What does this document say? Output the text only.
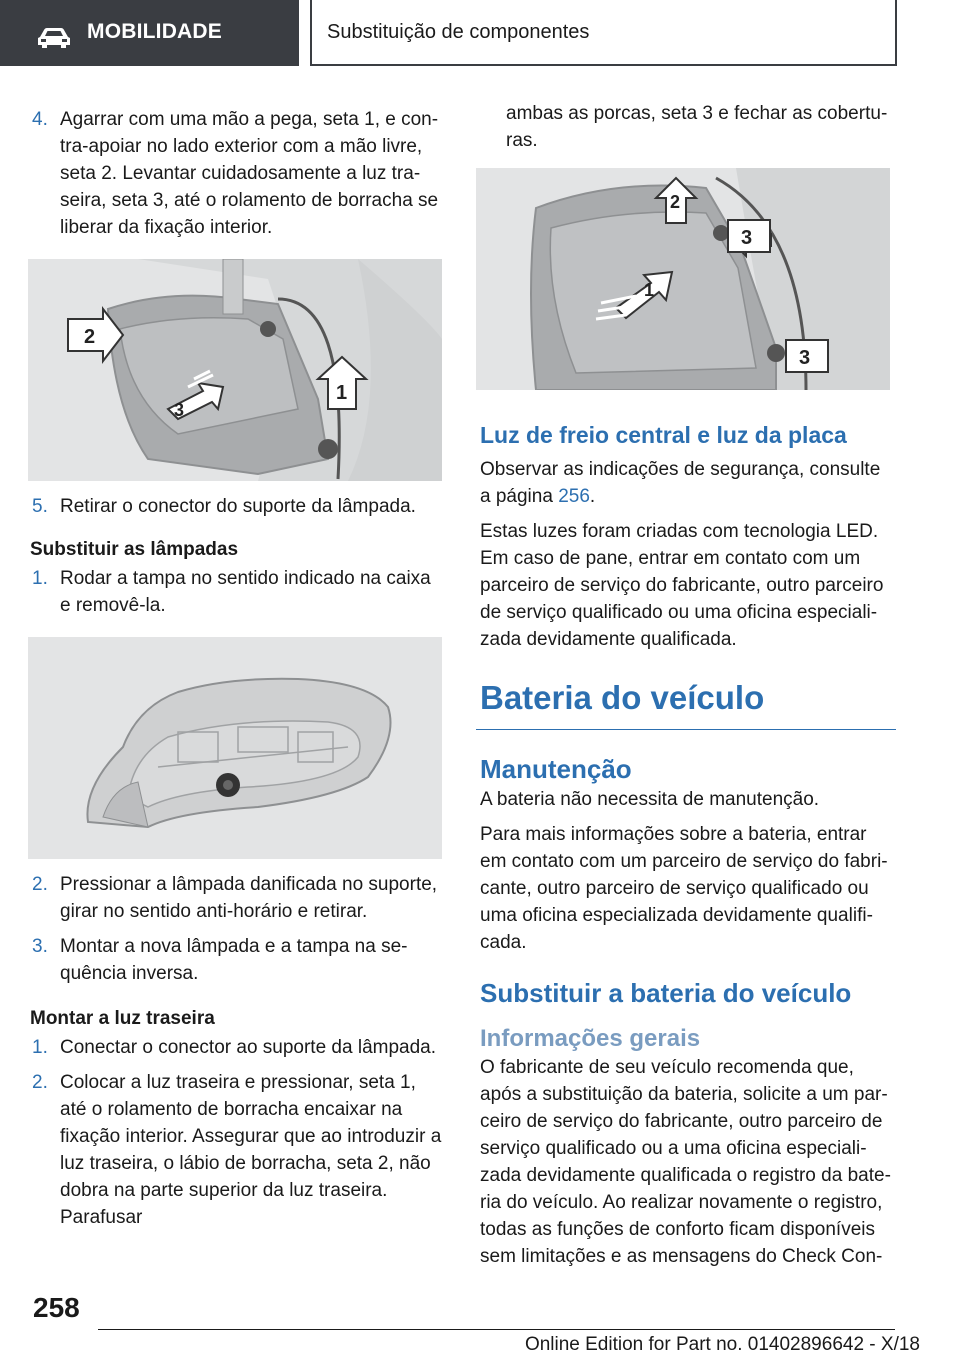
MOBILIDADE	Substituição de componentes
4. Agarrar com uma mão a pega, seta 1, e contra-apoiar no lado exterior com a mão livre, seta 2. Levantar cuidadosamente a luz traseira, seta 3, até o rolamento de borracha se liberar da fixação interior.
2
1
3
5. Retirar o conector do suporte da lâmpada.
Substituir as lâmpadas
1. Rodar a tampa no sentido indicado na caixa e removê-la.
2. Pressionar a lâmpada danificada no suporte, girar no sentido anti-horário e retirar.
3. Montar a nova lâmpada e a tampa na sequência inversa.
Montar a luz traseira
1. Conectar o conector ao suporte da lâmpada.
2. Colocar a luz traseira e pressionar, seta 1, até o rolamento de borracha encaixar na fixação interior. Assegurar que ao introduzir a luz traseira, o lábio de borracha, seta 2, não dobra na parte superior da luz traseira. Parafusar
ambas as porcas, seta 3 e fechar as coberturas.
2
3
3
1
Luz de freio central e luz da placa

Observar as indicações de segurança, consulte a página 256.

Estas luzes foram criadas com tecnologia LED. Em caso de pane, entrar em contato com um parceiro de serviço do fabricante, outro parceiro de serviço qualificado ou uma oficina especializada devidamente qualificada.

Bateria do veículo
Manutenção

A bateria não necessita de manutenção.

Para mais informações sobre a bateria, entrar em contato com um parceiro de serviço do fabricante, outro parceiro de serviço qualificado ou uma oficina especializada devidamente qualificada.

Substituir a bateria do veículo
Informações gerais

O fabricante de seu veículo recomenda que, após a substituição da bateria, solicite a um parceiro de serviço do fabricante, outro parceiro de serviço qualificado ou a uma oficina especializada devidamente qualificada o registro da bateria do veículo. Ao realizar novamente o registro, todas as funções de conforto ficam disponíveis sem limitações e as mensagens do Check Con-

258
Online Edition for Part no. 01402896642 - X/18
